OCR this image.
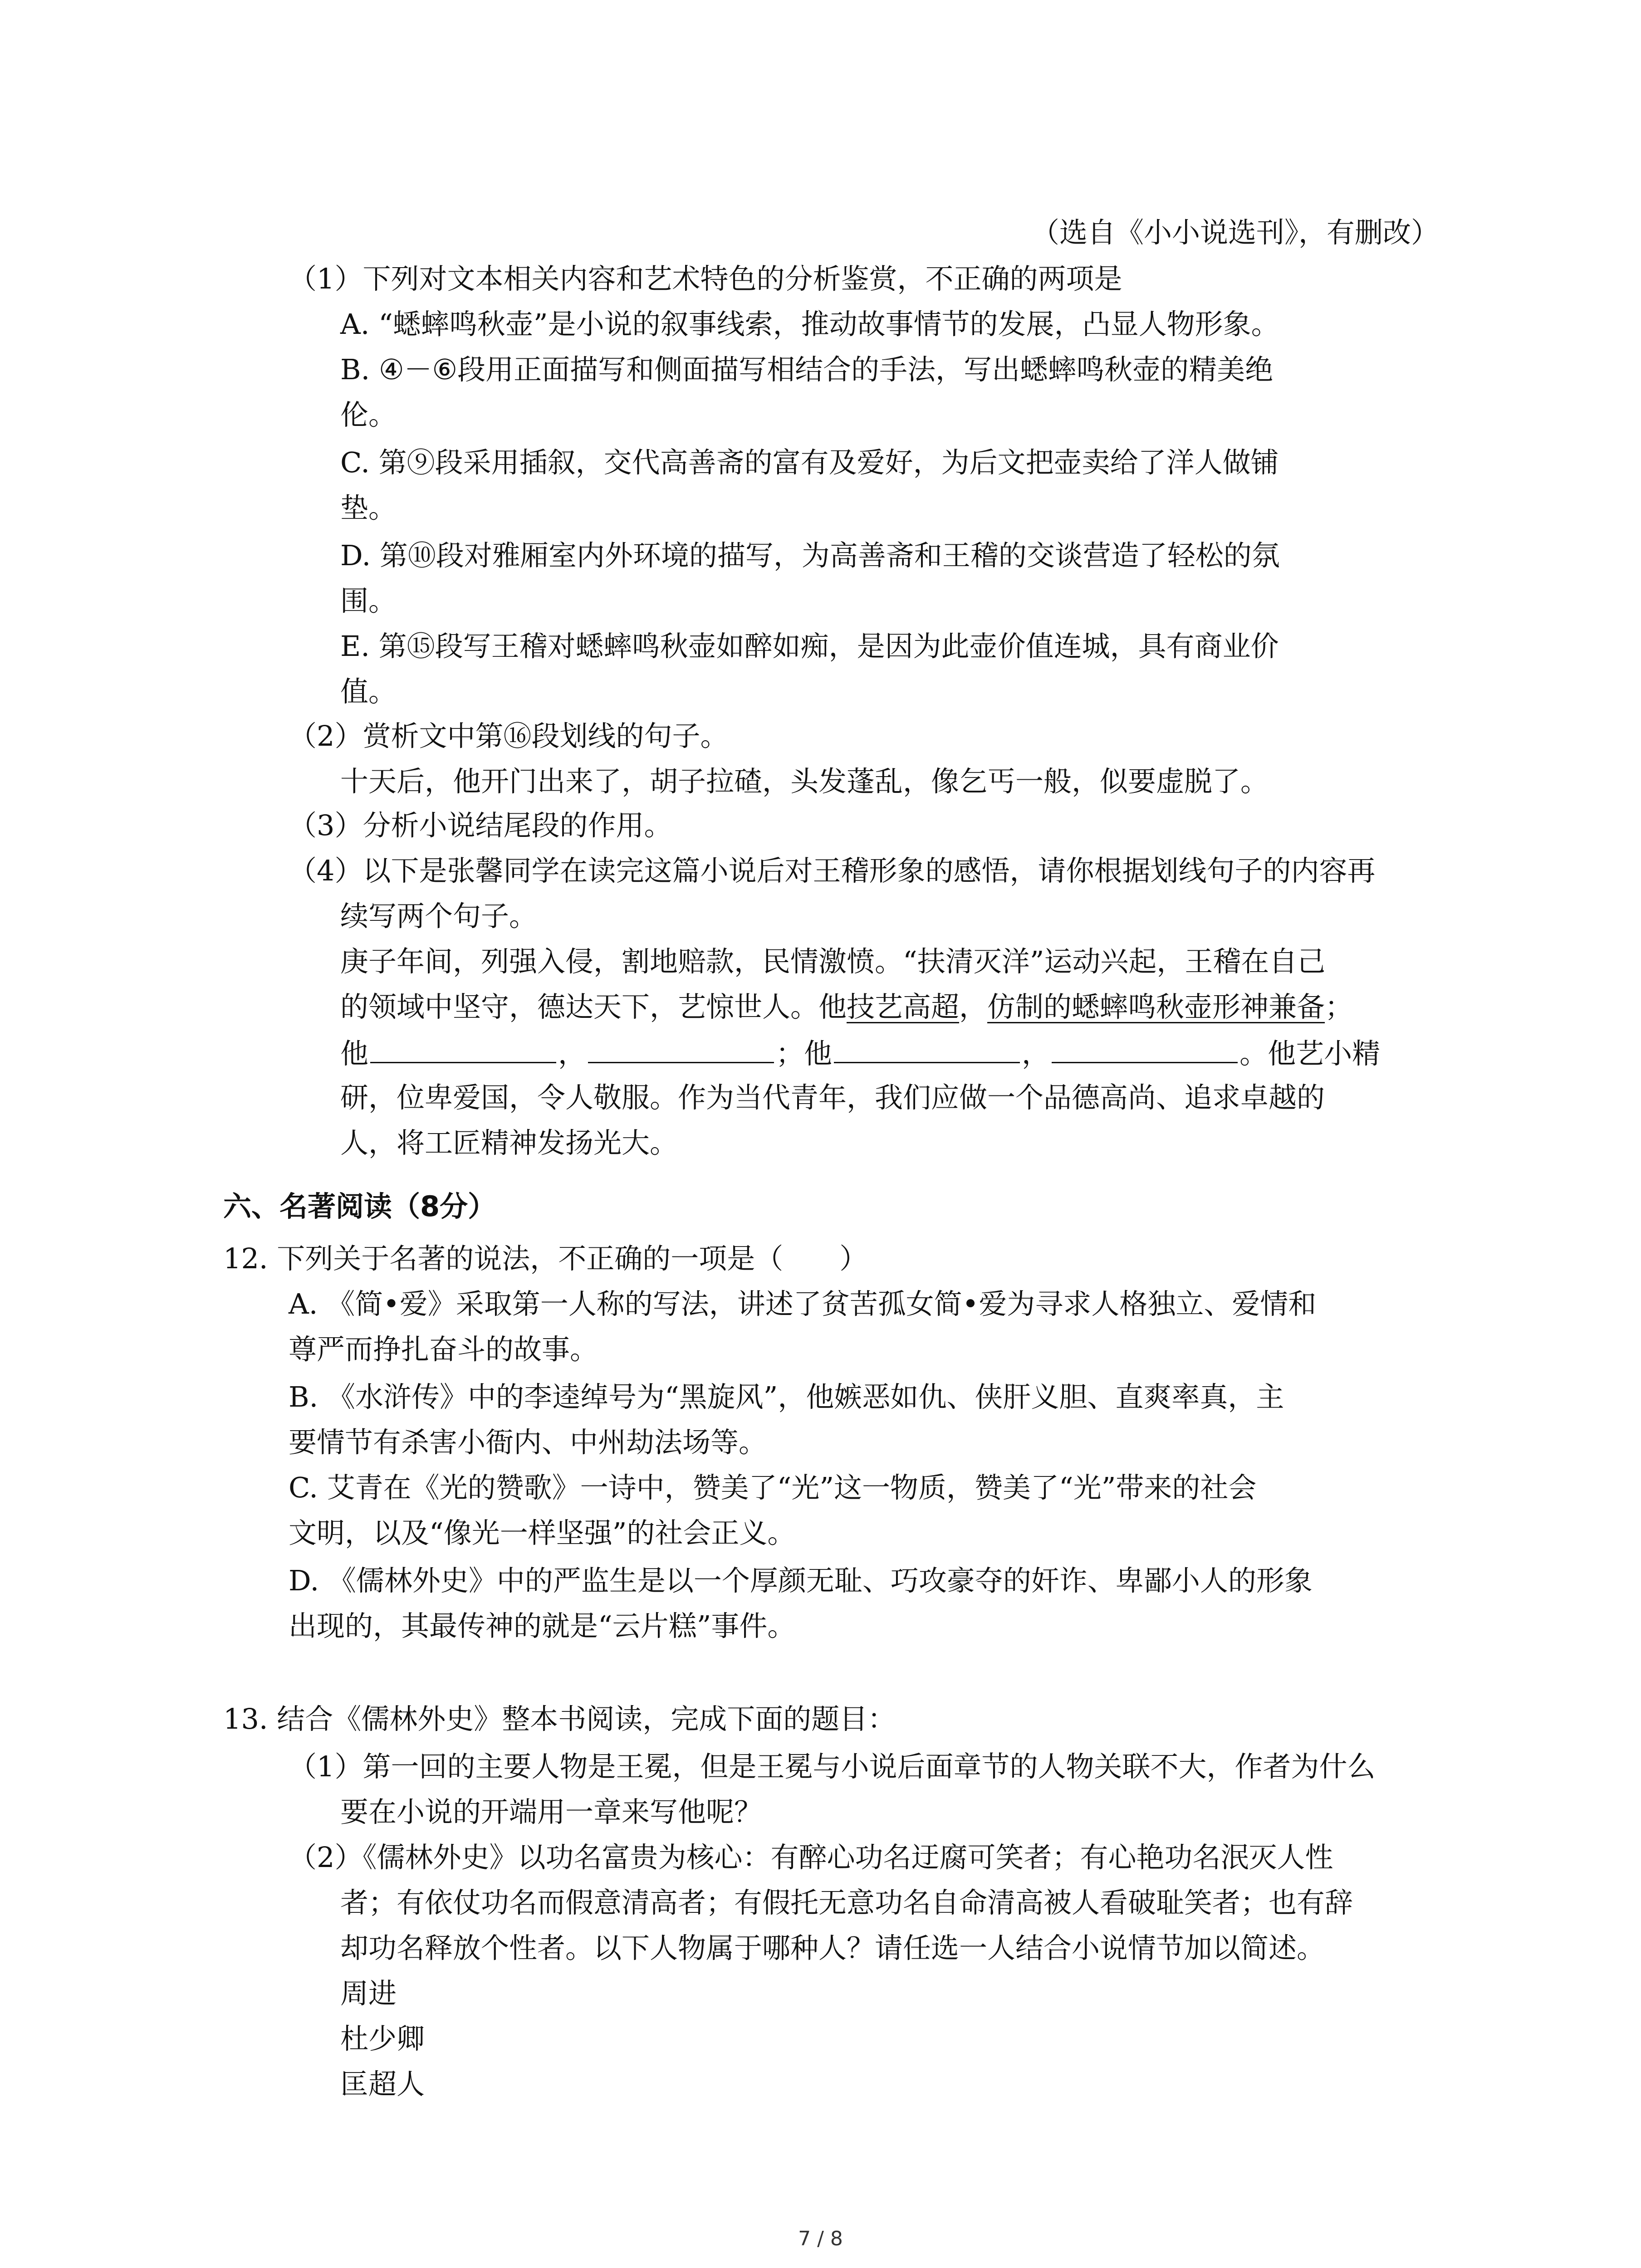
（选自《小小说选刊》，有删改）
（1）下列对文本相关内容和艺术特色的分析鉴赏，不正确的两项是
A. “蟋蟀鸣秋壶”是小说的叙事线索，推动故事情节的发展，凸显人物形象。
B. ④－⑥段用正面描写和侧面描写相结合的手法，写出蟋蟀鸣秋壶的精美绝
伦。
C. 第⑨段采用插叙，交代高善斋的富有及爱好，为后文把壶卖给了洋人做铺
垫。
D. 第⑩段对雅厢室内外环境的描写，为高善斋和王稽的交谈营造了轻松的氛
围。
E. 第⑮段写王稽对蟋蟀鸣秋壶如醉如痴，是因为此壶价值连城，具有商业价
值。
（2）赏析文中第⑯段划线的句子。
十天后，他开门出来了，胡子拉碴，头发蓬乱，像乞丐一般，似要虚脱了。
（3）分析小说结尾段的作用。
（4）以下是张馨同学在读完这篇小说后对王稽形象的感悟，请你根据划线句子的内容再
续写两个句子。
庚子年间，列强入侵，割地赔款，民情激愤。“扶清灭洋”运动兴起，王稽在自己
的领域中坚守，德达天下，艺惊世人。他技艺高超，仿制的蟋蟀鸣秋壶形神兼备；
他	，	；他	，	。他艺小精
研，位卑爱国，令人敬服。作为当代青年，我们应做一个品德高尚、追求卓越的
人，将工匠精神发扬光大。
六、名著阅读（8分）
12. 下列关于名著的说法，不正确的一项是（　　）
A. 《简•爱》采取第一人称的写法，讲述了贫苦孤女简•爱为寻求人格独立、爱情和
尊严而挣扎奋斗的故事。
B. 《水浒传》中的李逵绰号为“黑旋风”，他嫉恶如仇、侠肝义胆、直爽率真，主
要情节有杀害小衙内、中州劫法场等。
C. 艾青在《光的赞歌》一诗中，赞美了“光”这一物质，赞美了“光”带来的社会
文明，以及“像光一样坚强”的社会正义。
D. 《儒林外史》中的严监生是以一个厚颜无耻、巧攻豪夺的奸诈、卑鄙小人的形象
出现的，其最传神的就是“云片糕”事件。
13. 结合《儒林外史》整本书阅读，完成下面的题目：
（1）第一回的主要人物是王冕，但是王冕与小说后面章节的人物关联不大，作者为什么
要在小说的开端用一章来写他呢？
（2）《儒林外史》以功名富贵为核心：有醉心功名迂腐可笑者；有心艳功名泯灭人性
者；有依仗功名而假意清高者；有假托无意功名自命清高被人看破耻笑者；也有辞
却功名释放个性者。以下人物属于哪种人？请任选一人结合小说情节加以简述。
周进
杜少卿
匡超人
7 / 8
